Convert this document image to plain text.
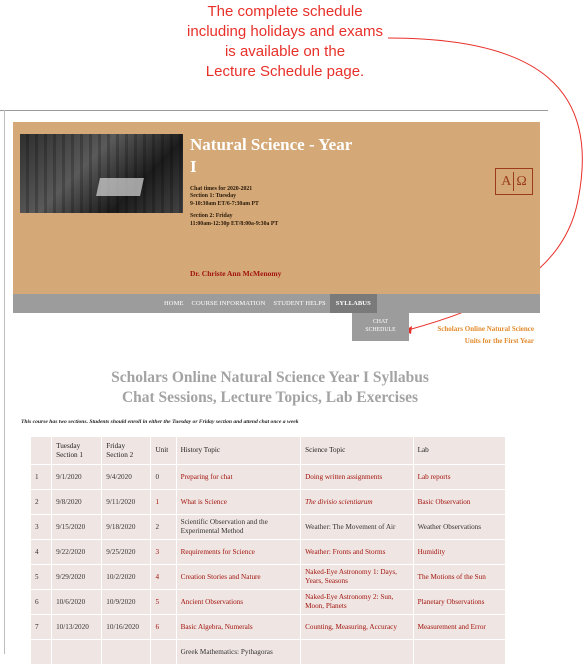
The complete schedule
including holidays and exams
is available on the
Lecture Schedule page.
Natural Science - Year
I
Chat times for 2020-2021
Section 1: Tuesday
9-10:30am ET/6-7:30am PT
Section 2: Friday
11:00am-12:30p ET/8:00a-9:30a PT
Dr. Christe Ann McMenomy
A Ω
HOME	COURSE INFORMATION	STUDENT HELPS	SYLLABUS
CHAT
SCHEDULE	Scholars Online Natural Science
Units for the First Year
Scholars Online Natural Science Year I Syllabus
Chat Sessions, Lecture Topics, Lab Exercises
This course has two sections. Students should enroll in either the Tuesday or Friday section and attend chat once a week
	Tuesday Section 1	Friday Section 2	Unit	History Topic	Science Topic	Lab
1	9/1/2020	9/4/2020	0	Preparing for chat	Doing written assignments	Lab reports
2	9/8/2020	9/11/2020	1	What is Science	The divisio scientiarum	Basic Observation
3	9/15/2020	9/18/2020	2	Scientific Observation and the Experimental Method	Weather: The Movement of Air	Weather Observations
4	9/22/2020	9/25/2020	3	Requirements for Science	Weather: Fronts and Storms	Humidity
5	9/29/2020	10/2/2020	4	Creation Stories and Nature	Naked-Eye Astronomy 1: Days, Years, Seasons	The Motions of the Sun
6	10/6/2020	10/9/2020	5	Ancient Observations	Naked-Eye Astronomy 2: Sun, Moon, Planets	Planetary Observations
7	10/13/2020	10/16/2020	6	Basic Algebra, Numerals	Counting, Measuring, Accuracy	Measurement and Error
				Greek Mathematics: Pythagoras		
